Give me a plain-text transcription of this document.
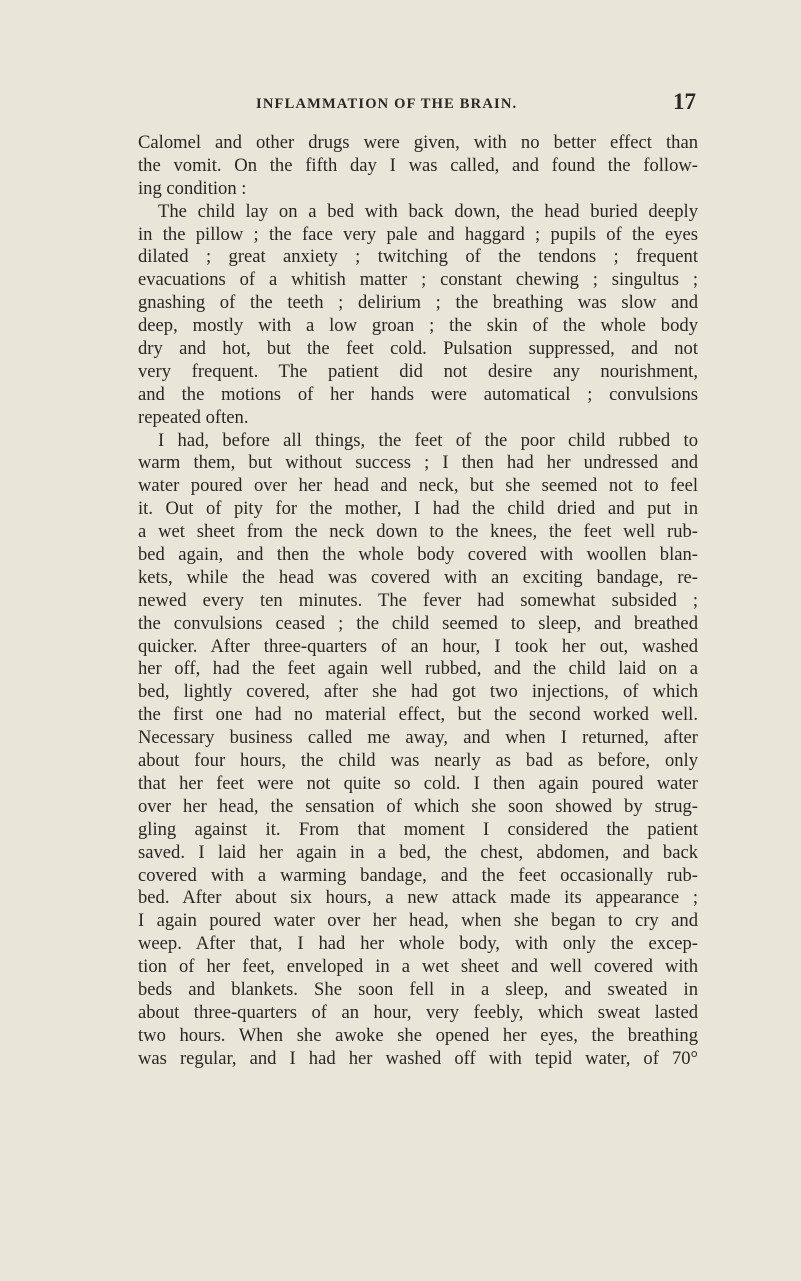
INFLAMMATION OF THE BRAIN.	17
Calomel and other drugs were given, with no better effect than
the vomit. On the fifth day I was called, and found the follow-
ing condition :
The child lay on a bed with back down, the head buried deeply
in the pillow ; the face very pale and haggard ; pupils of the eyes
dilated ; great anxiety ; twitching of the tendons ; frequent
evacuations of a whitish matter ; constant chewing ; singultus ;
gnashing of the teeth ; delirium ; the breathing was slow and
deep, mostly with a low groan ; the skin of the whole body
dry and hot, but the feet cold. Pulsation suppressed, and not
very frequent. The patient did not desire any nourishment,
and the motions of her hands were automatical ; convulsions
repeated often.
I had, before all things, the feet of the poor child rubbed to
warm them, but without success ; I then had her undressed and
water poured over her head and neck, but she seemed not to feel
it. Out of pity for the mother, I had the child dried and put in
a wet sheet from the neck down to the knees, the feet well rub-
bed again, and then the whole body covered with woollen blan-
kets, while the head was covered with an exciting bandage, re-
newed every ten minutes. The fever had somewhat subsided ;
the convulsions ceased ; the child seemed to sleep, and breathed
quicker. After three-quarters of an hour, I took her out, washed
her off, had the feet again well rubbed, and the child laid on a
bed, lightly covered, after she had got two injections, of which
the first one had no material effect, but the second worked well.
Necessary business called me away, and when I returned, after
about four hours, the child was nearly as bad as before, only
that her feet were not quite so cold. I then again poured water
over her head, the sensation of which she soon showed by strug-
gling against it. From that moment I considered the patient
saved. I laid her again in a bed, the chest, abdomen, and back
covered with a warming bandage, and the feet occasionally rub-
bed. After about six hours, a new attack made its appearance ;
I again poured water over her head, when she began to cry and
weep. After that, I had her whole body, with only the excep-
tion of her feet, enveloped in a wet sheet and well covered with
beds and blankets. She soon fell in a sleep, and sweated in
about three-quarters of an hour, very feebly, which sweat lasted
two hours. When she awoke she opened her eyes, the breathing
was regular, and I had her washed off with tepid water, of 70°
